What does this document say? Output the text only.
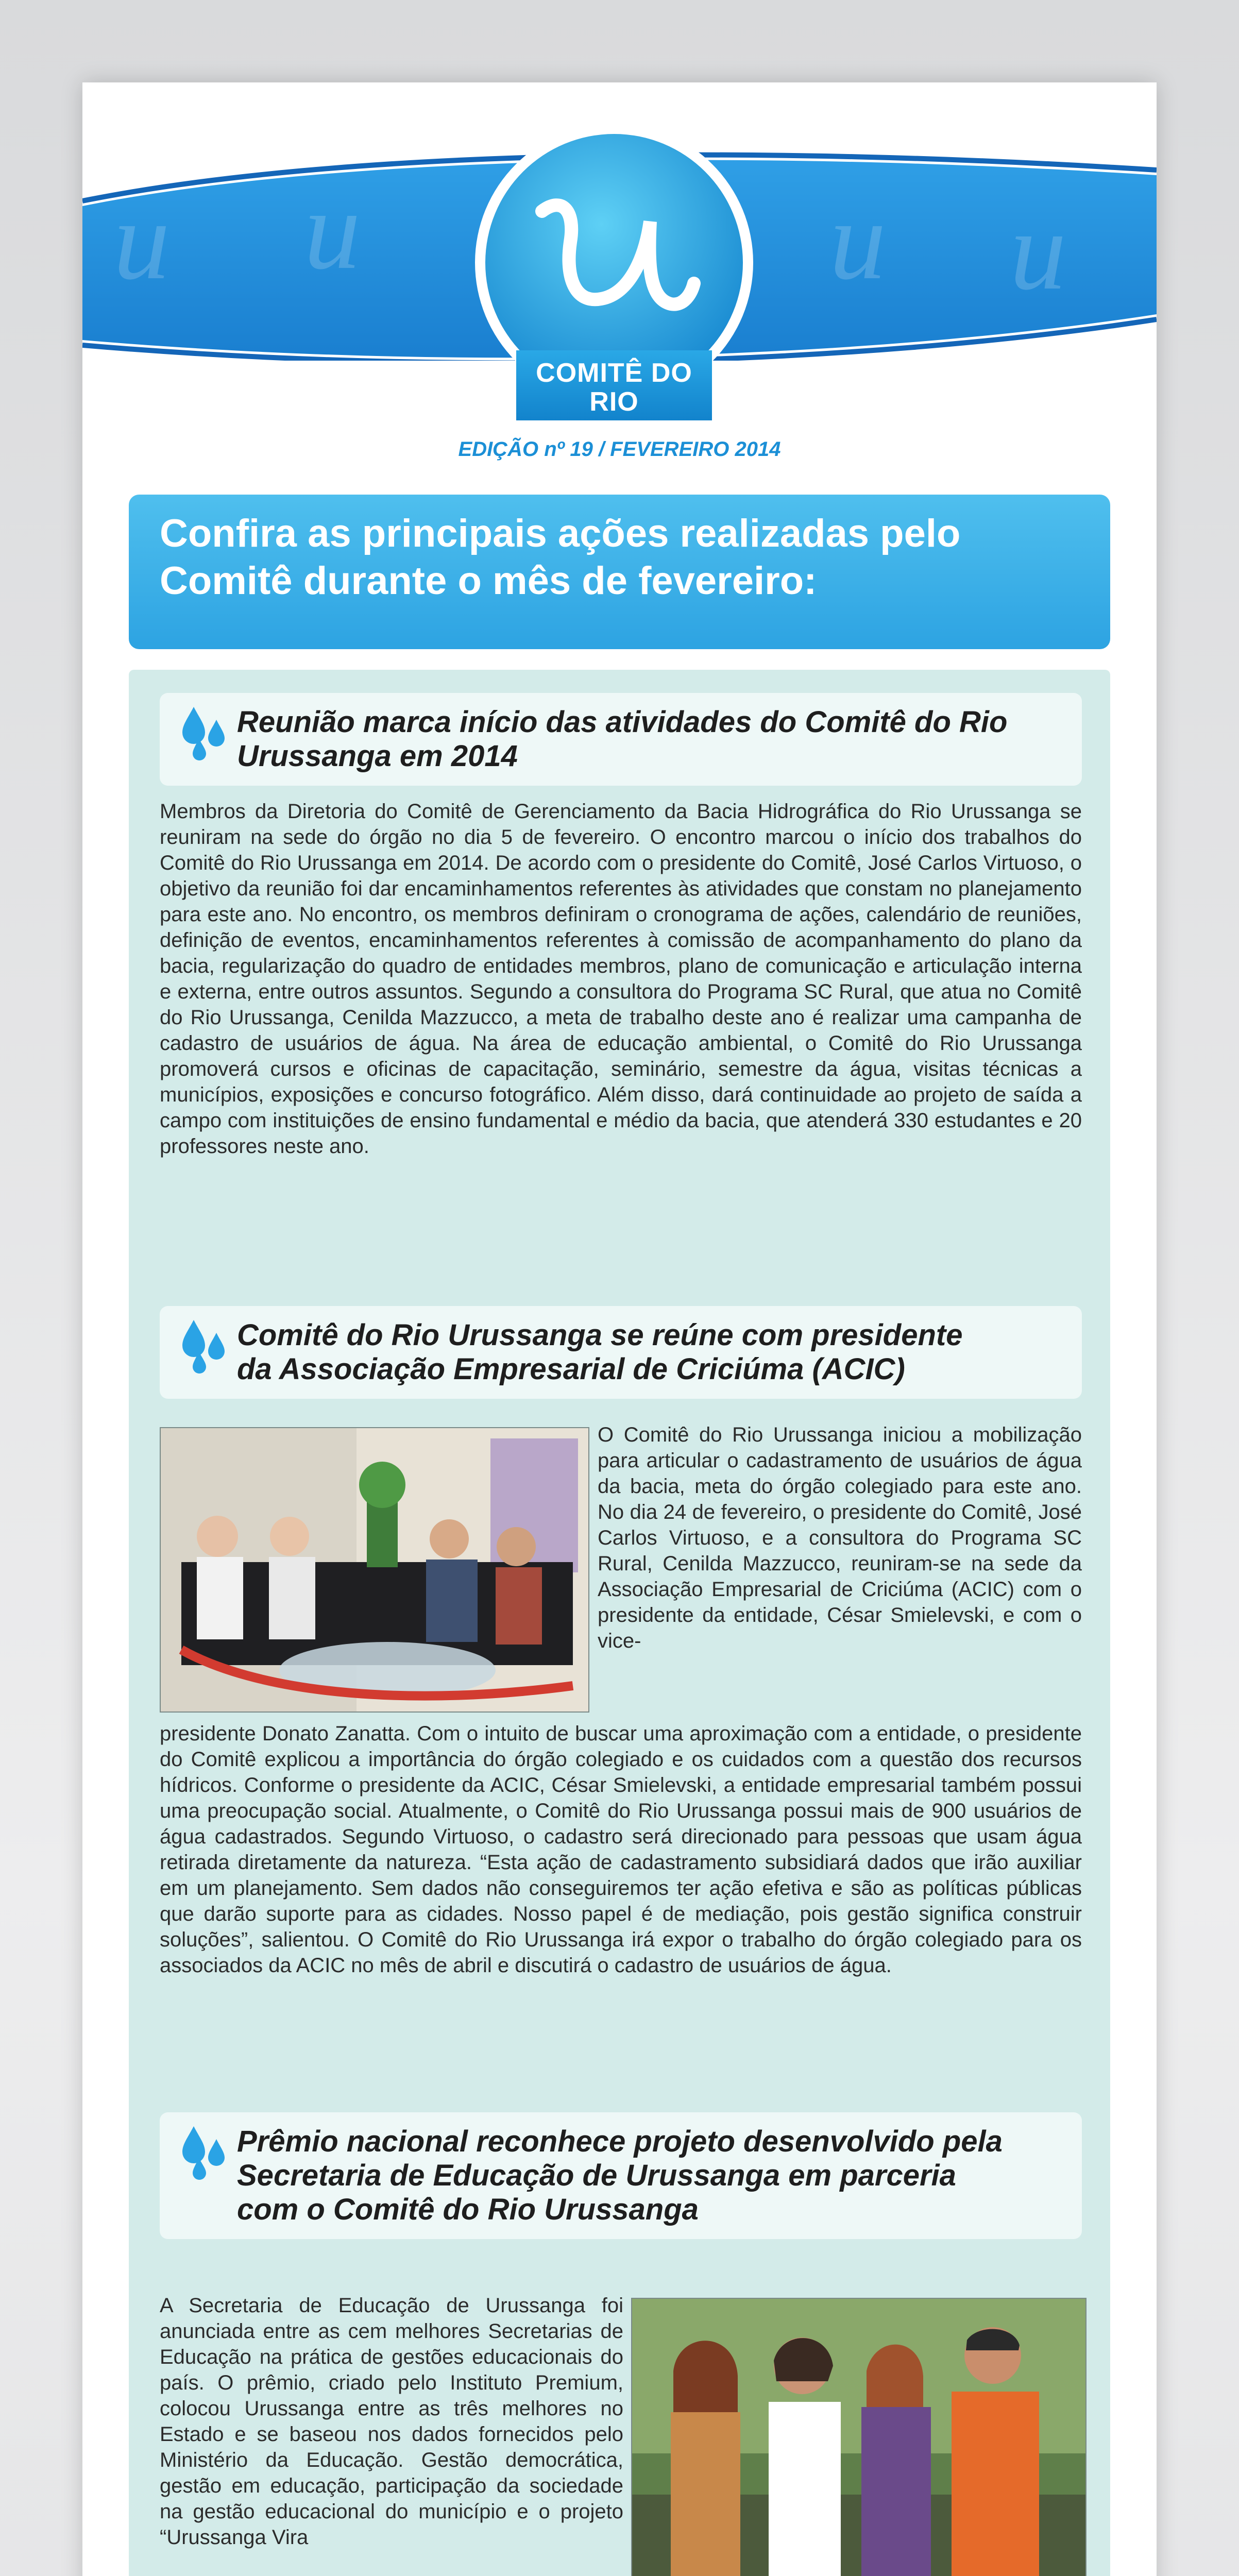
u u	u u
COMITÊ DO
RIO URUSSANGA
EDIÇÃO nº 19 / FEVEREIRO 2014
Confira as principais ações realizadas pelo
Comitê durante o mês de fevereiro:
Reunião marca início das atividades do Comitê do Rio
Urussanga em 2014
Membros da Diretoria do Comitê de Gerenciamento da Bacia Hidrográfica do Rio Urussanga se reuniram na sede do órgão no dia 5 de fevereiro. O encontro marcou o início dos trabalhos do Comitê do Rio Urussanga em 2014. De acordo com o presidente do Comitê, José Carlos Virtuoso, o objetivo da reunião foi dar encaminhamentos referentes às atividades que constam no planejamento para este ano. No encontro, os membros definiram o cronograma de ações, calendário de reuniões, definição de eventos, encaminhamentos referentes à comissão de acompanhamento do plano da bacia, regularização do quadro de entidades membros, plano de comunicação e articulação interna e externa, entre outros assuntos. Segundo a consultora do Programa SC Rural, que atua no Comitê do Rio Urussanga, Cenilda Mazzucco, a meta de trabalho deste ano é realizar uma campanha de cadastro de usuários de água. Na área de educação ambiental, o Comitê do Rio Urussanga promoverá cursos e oficinas de capacitação, seminário, semestre da água, visitas técnicas a municípios, exposições e concurso fotográfico. Além disso, dará continuidade ao projeto de saída a campo com instituições de ensino fundamental e médio da bacia, que atenderá 330 estudantes e 20 professores neste ano.
Comitê do Rio Urussanga se reúne com presidente
da Associação Empresarial de Criciúma (ACIC)
O Comitê do Rio Urussanga iniciou a mobilização para articular o cadastramento de usuários de água da bacia, meta do órgão colegiado para este ano. No dia 24 de fevereiro, o presidente do Comitê, José Carlos Virtuoso, e a consultora do Programa SC Rural, Cenilda Mazzucco, reuniram-se na sede da Associação Empresarial de Criciúma (ACIC) com o presidente da entidade, César Smielevski, e com o vice-
presidente Donato Zanatta. Com o intuito de buscar uma aproximação com a entidade, o presidente do Comitê explicou a importância do órgão colegiado e os cuidados com a questão dos recursos hídricos. Conforme o presidente da ACIC, César Smielevski, a entidade empresarial também possui uma preocupação social. Atualmente, o Comitê do Rio Urussanga possui mais de 900 usuários de água cadastrados. Segundo Virtuoso, o cadastro será direcionado para pessoas que usam água retirada diretamente da natureza. “Esta ação de cadastramento subsidiará dados que irão auxiliar em um planejamento. Sem dados não conseguiremos ter ação efetiva e são as políticas públicas que darão suporte para as cidades. Nosso papel é de mediação, pois gestão significa construir soluções”, salientou. O Comitê do Rio Urussanga irá expor o trabalho do órgão colegiado para os associados da ACIC no mês de abril e discutirá o cadastro de usuários de água.
Prêmio nacional reconhece projeto desenvolvido pela
Secretaria de Educação de Urussanga em parceria
com o Comitê do Rio Urussanga
A Secretaria de Educação de Urussanga foi anunciada entre as cem melhores Secretarias de Educação na prática de gestões educacionais do país. O prêmio, criado pelo Instituto Premium, colocou Urussanga entre as três melhores no Estado e se baseou nos dados fornecidos pelo Ministério da Educação. Gestão democrática, gestão em educação, participação da sociedade na gestão educacional do município e o projeto “Urussanga Vira
